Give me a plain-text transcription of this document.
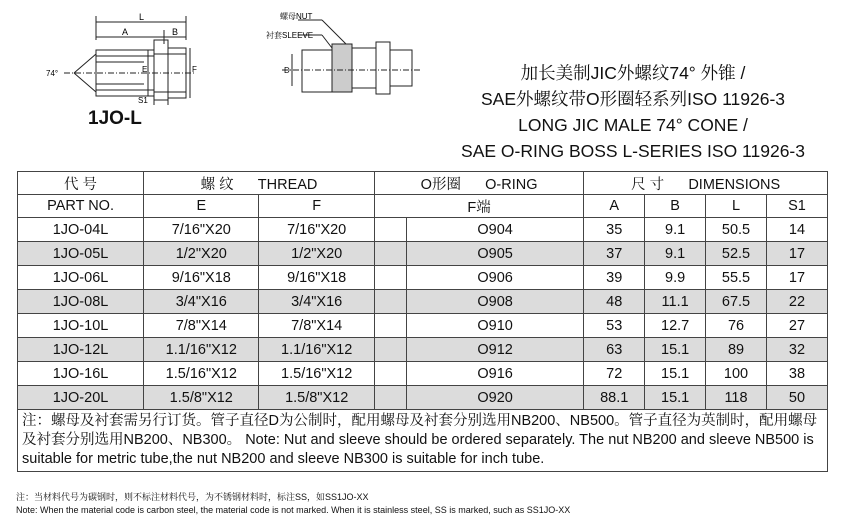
L
A	B
E	F
S1
74°
螺母NUT
衬套SLEEVE
D
1JO-L
加长美制JIC外螺纹74° 外锥 /
SAE外螺纹带O形圈轻系列ISO 11926-3
LONG JIC MALE 74° CONE /
SAE O-RING BOSS L-SERIES ISO 11926-3
代 号	螺 纹 THREAD		O形圈 O-RING		尺 寸 DIMENSIONS			
PART NO.	E	F	F端		A	B	L	S1
1JO-04L	7/16"X20	7/16"X20		O904	35	9.1	50.5	14
1JO-05L	1/2"X20	1/2"X20		O905	37	9.1	52.5	17
1JO-06L	9/16"X18	9/16"X18		O906	39	9.9	55.5	17
1JO-08L	3/4"X16	3/4"X16		O908	48	11.1	67.5	22
1JO-10L	7/8"X14	7/8"X14		O910	53	12.7	76	27
1JO-12L	1.1/16"X12	1.1/16"X12		O912	63	15.1	89	32
1JO-16L	1.5/16"X12	1.5/16"X12		O916	72	15.1	100	38
1JO-20L	1.5/8"X12	1.5/8"X12		O920	88.1	15.1	118	50
注：螺母及衬套需另行订货。管子直径D为公制时，配用螺母及衬套分别选用NB200、NB500。管子直径为英制时，配用螺母及衬套分别选用NB200、NB300。 Note: Nut and sleeve should be ordered separately. The nut NB200 and sleeve NB500 is suitable for metric tube,the nut NB200 and sleeve NB300 is suitable for inch tube.								
注：当材料代号为碳钢时，则不标注材料代号，为不锈钢材料时，标注SS，如SS1JO-XX
Note: When the material code is carbon steel, the material code is not marked. When it is stainless steel, SS is marked, such as SS1JO-XX
